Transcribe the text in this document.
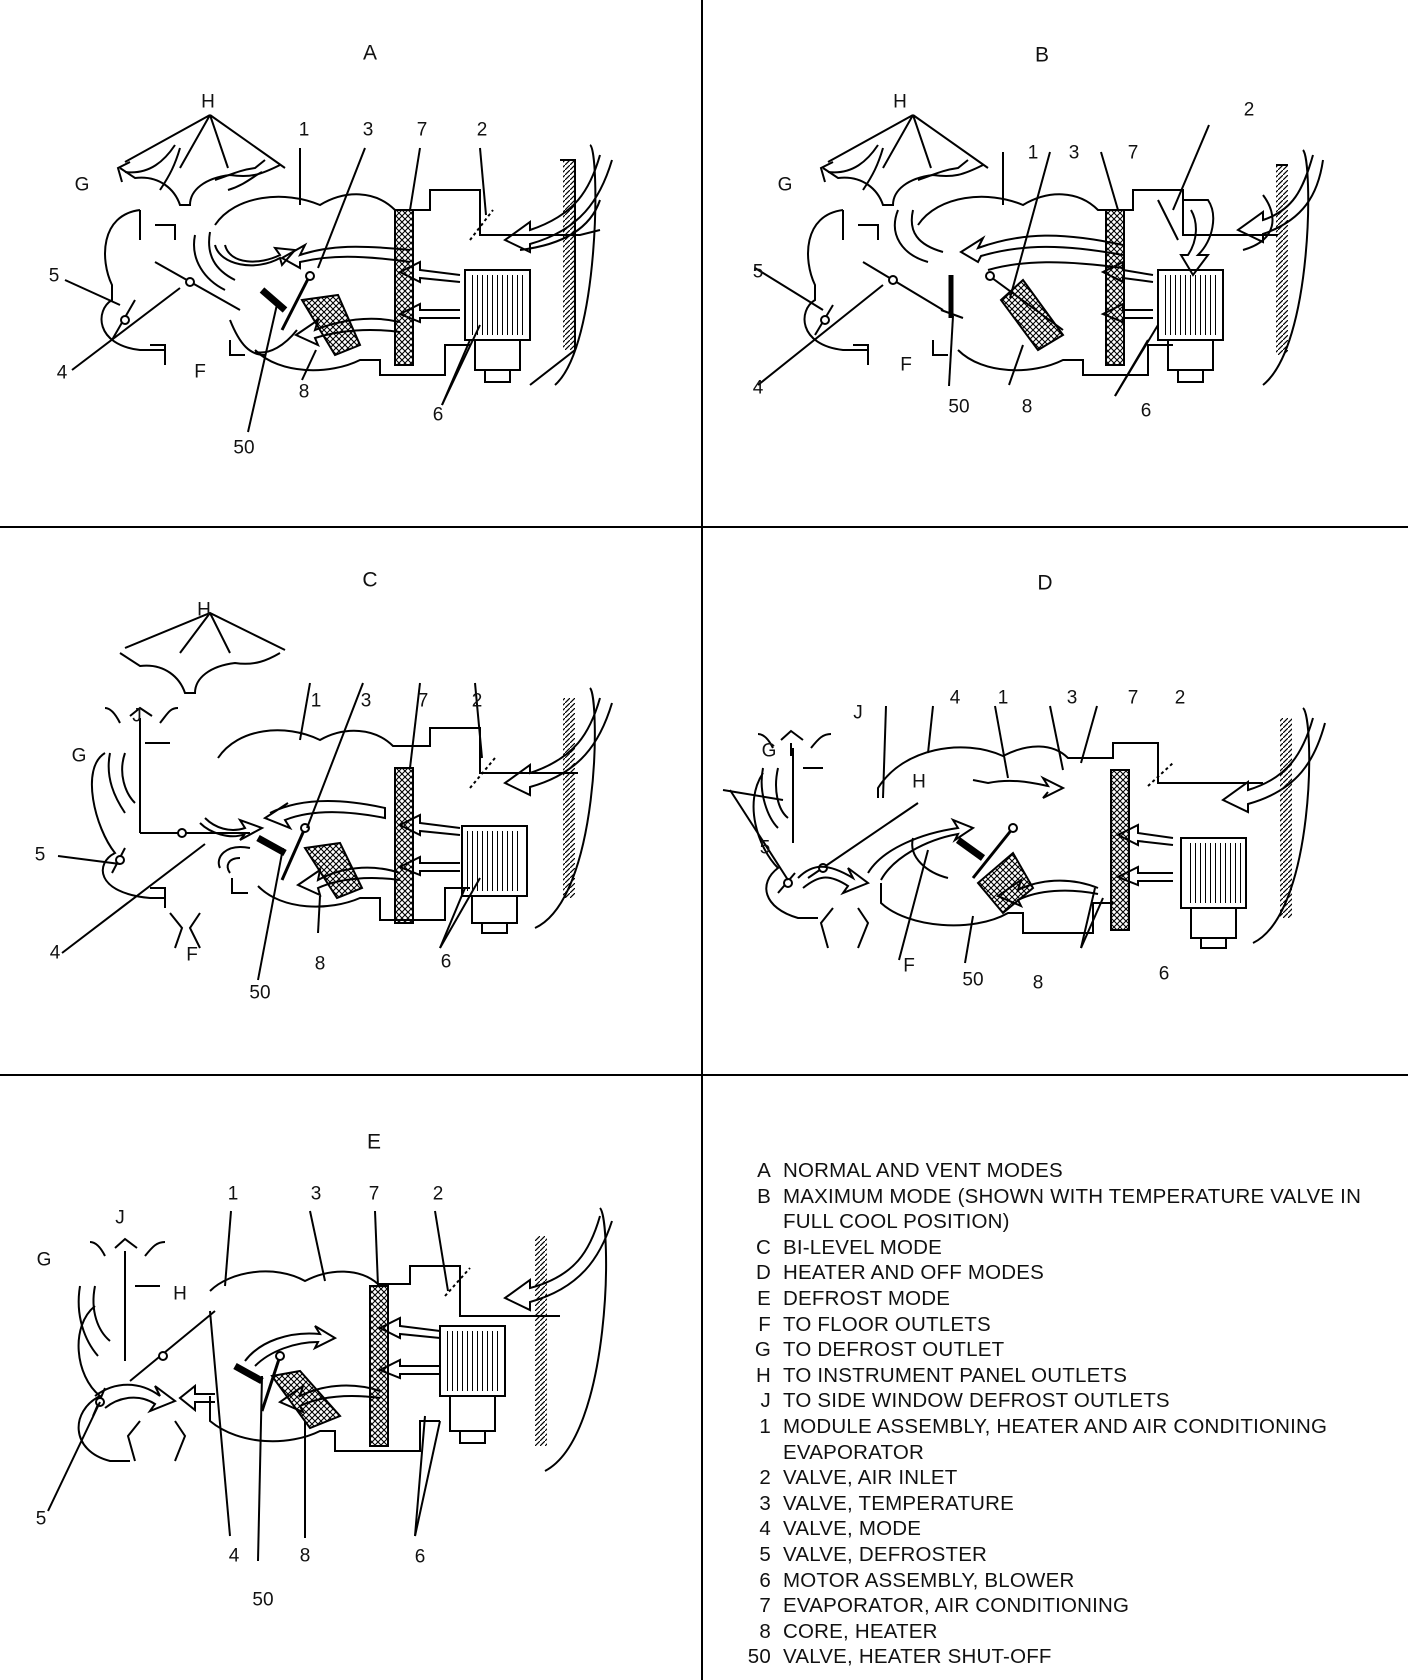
A
H
G
F
1	3 7	2
5
4
8
6
50
B
H
G
F
1 3	7
2
5
4
50	8	6
C
H
J
G
F
1 3 7 2
5
4
8	6
50
D
J
G
H
F
4 1	3	7 2
5
50	8	6
E
J
G
H
1	3 7	2
5
4	8	6
50
A NORMAL AND VENT MODES
B MAXIMUM MODE (SHOWN WITH TEMPERATURE VALVE IN FULL COOL POSITION)
C BI-LEVEL MODE
D HEATER AND OFF MODES
E DEFROST MODE
F TO FLOOR OUTLETS
G TO DEFROST OUTLET
H TO INSTRUMENT PANEL OUTLETS
J TO SIDE WINDOW DEFROST OUTLETS
1 MODULE ASSEMBLY, HEATER AND AIR CONDITIONING EVAPORATOR
2 VALVE, AIR INLET
3 VALVE, TEMPERATURE
4 VALVE, MODE
5 VALVE, DEFROSTER
6 MOTOR ASSEMBLY, BLOWER
7 EVAPORATOR, AIR CONDITIONING
8 CORE, HEATER
50 VALVE, HEATER SHUT-OFF
